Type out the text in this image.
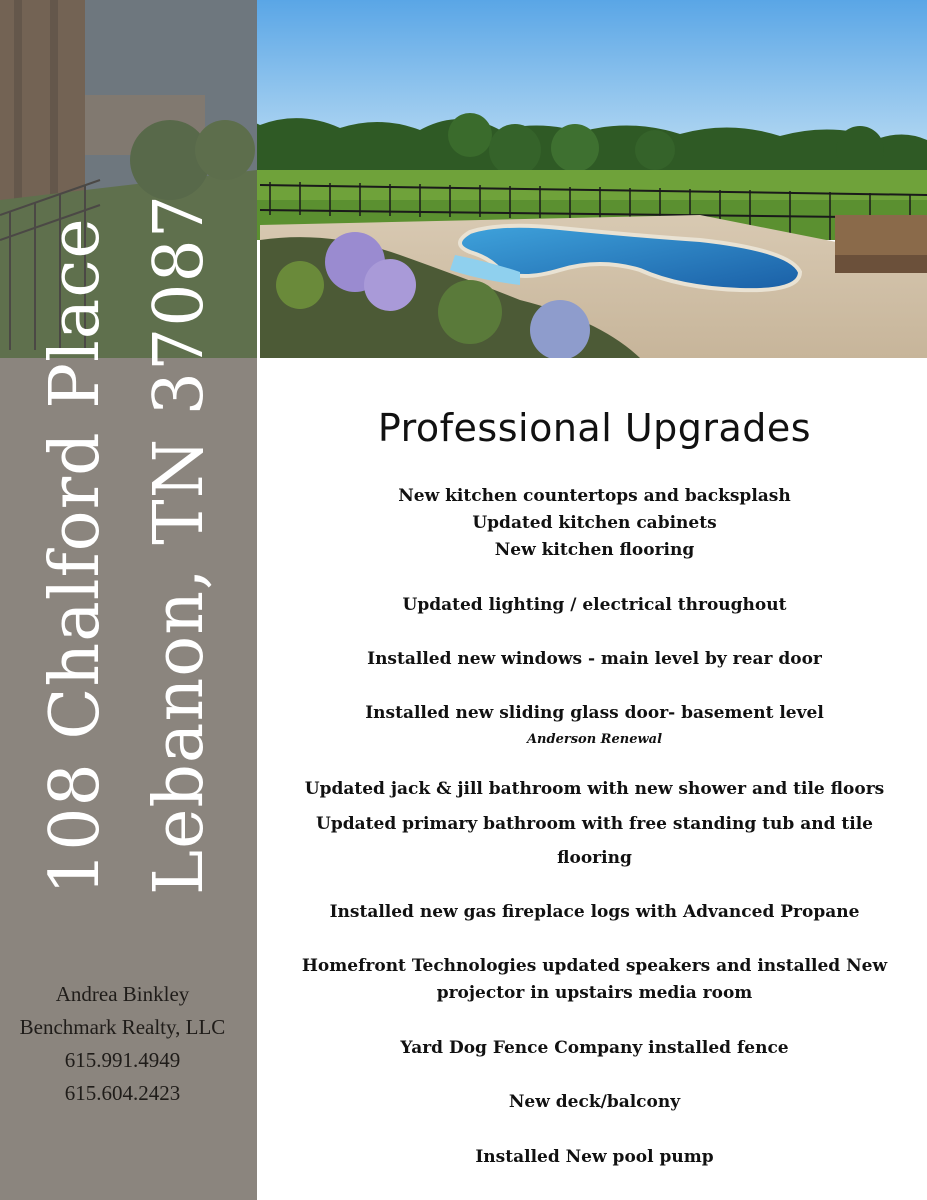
108 Chalford Place Lebanon, TN 37087
Andrea Binkley
Benchmark Realty, LLC
615.991.4949
615.604.2423
Professional Upgrades
New kitchen countertops and backsplash
Updated kitchen cabinets
New kitchen flooring
Updated lighting / electrical throughout
Installed new windows - main level by rear door
Installed new sliding glass door- basement level
Anderson Renewal
Updated jack & jill bathroom with new shower and tile floors
Updated primary bathroom with free standing tub and tile
flooring
Installed new gas fireplace logs with Advanced Propane
Homefront Technologies updated speakers and installed New
projector in upstairs media room
Yard Dog Fence Company installed fence
New deck/balcony
Installed New pool pump
